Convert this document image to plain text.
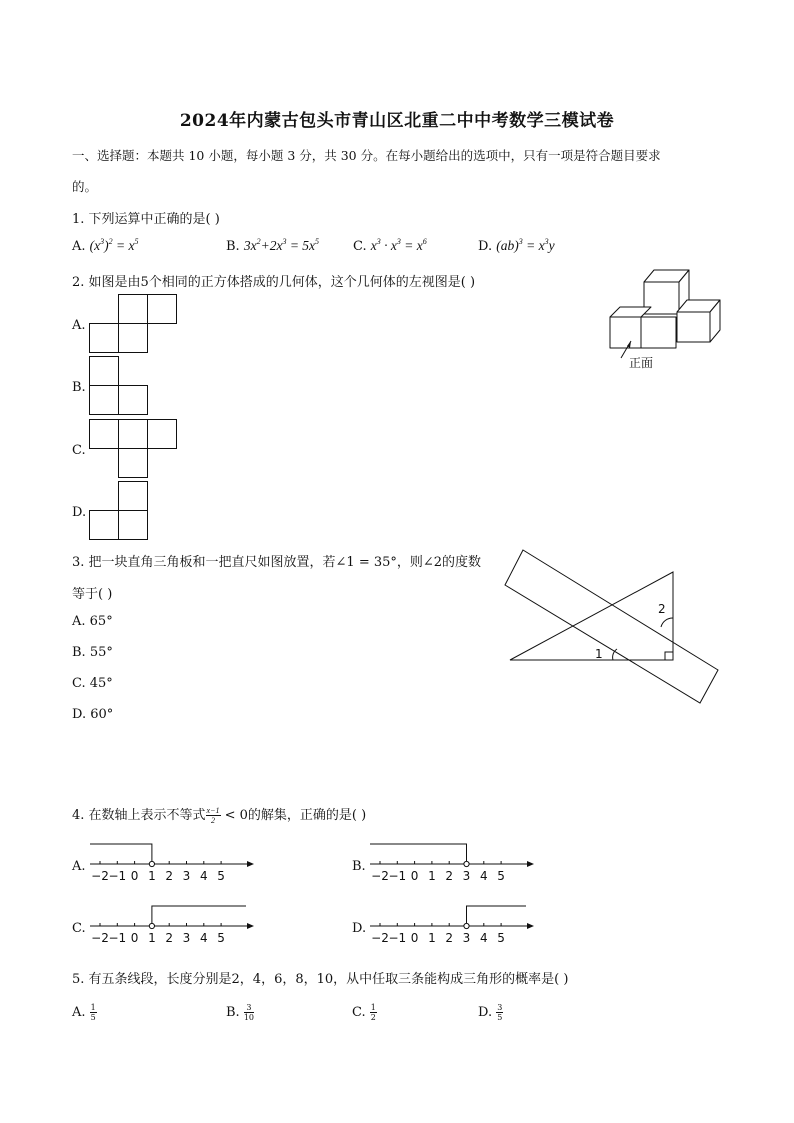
2024年内蒙古包头市青山区北重二中中考数学三模试卷
一、选择题：本题共 10 小题，每小题 3 分，共 30 分。在每小题给出的选项中，只有一项是符合题目要求
的。
1. 下列运算中正确的是( )
A. $(x^3)^2 = x^5$	B. $3x^2+2x^3 = 5x^5$	C. $x^3 \cdot x^3 = x^6$	D. $(ab)^3 = x^3y$
2. 如图是由5个相同的正方体搭成的几何体，这个几何体的左视图是( )
A.
B.
C.
D.
正面
3. 把一块直角三角板和一把直尺如图放置，若∠1 = 35°，则∠2的度数
等于( )
A. 65°
B. 55°
C. 45°
D. 60°
1
2
4. 在数轴上表示不等式 $\frac{x-1}{2} < 0$的解集，正确的是( )
A.
−2 −1 0 1 2 3 4 5
B.
−2 −1 0 1 2 3 4 5
C.
−2 −1 0 1 2 3 4 5
D.
−2 −1 0 1 2 3 4 5
5. 有五条线段，长度分别是2，4，6，8，10，从中任取三条能构成三角形的概率是( )
A. $\frac{1}{5}$	B. $\frac{3}{10}$	C. $\frac{1}{2}$	D. $\frac{3}{5}$
